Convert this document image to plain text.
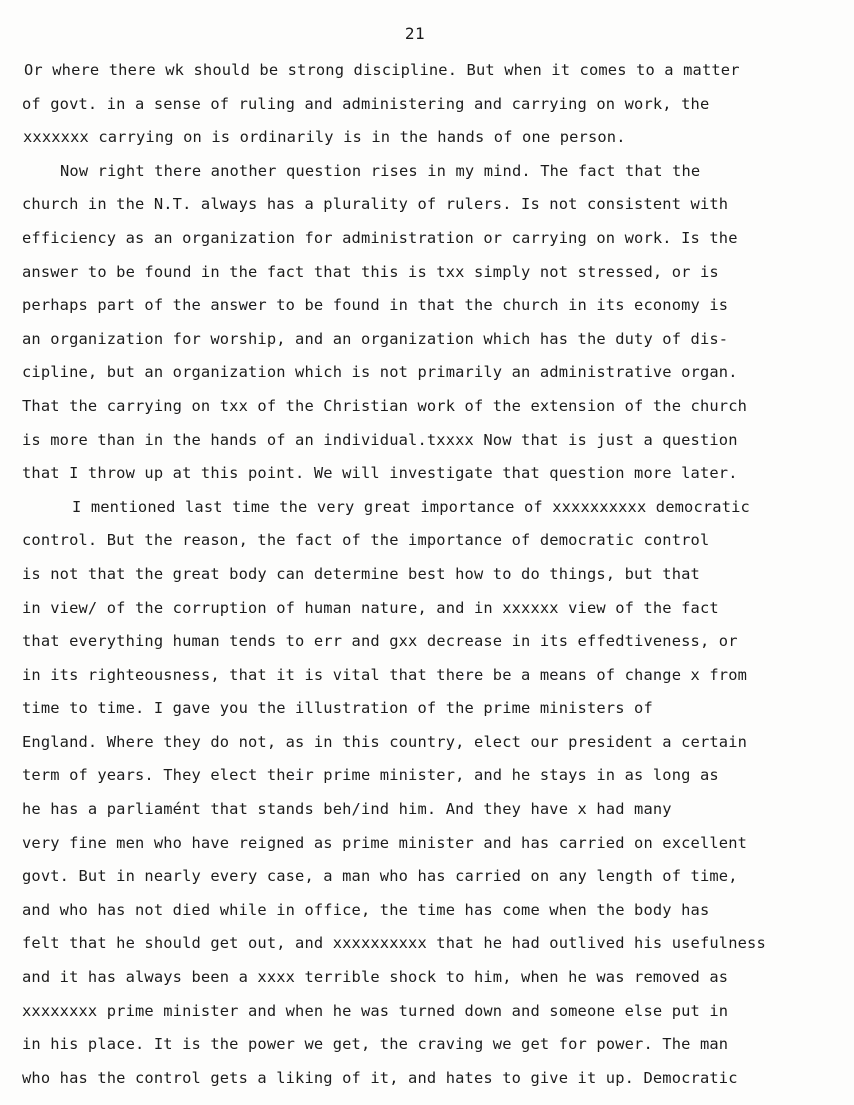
21
Or where there wk should be strong discipline. But when it comes to a matter
of govt. in a sense of ruling and administering and carrying on work, the
xxxxxxx carrying on is ordinarily is in the hands of one person.
Now right there another question rises in my mind. The fact that the
church in the N.T. always has a plurality of rulers. Is not consistent with
efficiency as an organization for administration or carrying on work. Is the
answer to be found in the fact that this is txx simply not stressed, or is
perhaps part of the answer to be found in that the church in its economy is
an organization for worship, and an organization which has the duty of dis-
cipline, but an organization which is not primarily an administrative organ.
That the carrying on txx of the Christian work of the extension of the church
is more than in the hands of an individual.txxxx Now that is just a question
that I throw up at this point. We will investigate that question more later.
I mentioned last time the very great importance of xxxxxxxxxx democratic
control. But the reason, the fact of the importance of democratic control
is not that the great body can determine best how to do things, but that
in view/ of the corruption of human nature, and in xxxxxx view of the fact
that everything human tends to err and gxx decrease in its effedtiveness, or
in its righteousness, that it is vital that there be a means of change x from
time to time. I gave you the illustration of the prime ministers of
England. Where they do not, as in this country, elect our president a certain
term of years. They elect their prime minister, and he stays in as long as
he has a parliamént that stands beh/ind him. And they have x had many
very fine men who have reigned as prime minister and has carried on excellent
govt. But in nearly every case, a man who has carried on any length of time,
and who has not died while in office, the time has come when the body has
felt that he should get out, and xxxxxxxxxx that he had outlived his usefulness
and it has always been a xxxx terrible shock to him, when he was removed as
xxxxxxxx prime minister and when he was turned down and someone else put in
in his place. It is the power we get, the craving we get for power. The man
who has the control gets a liking of it, and hates to give it up. Democratic
